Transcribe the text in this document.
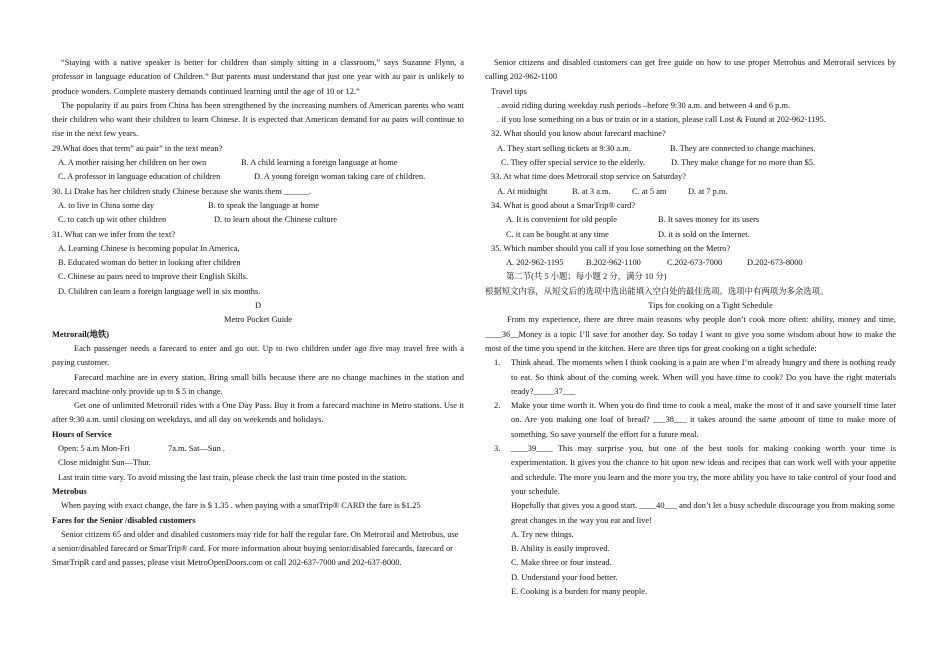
“Staying with a native speaker is better for children than simply sitting in a classroom,” says Suzanne Flynn, a professor in language education of Children.” But parents must understand that just one year with au pair is unlikely to produce wonders. Complete mastery demands continued learning until the age of 10 or 12.”

The popularity if au pairs from China has been strengthened by the increasing numbers of American parents who want their children who want their children to learn Chinese. It is expected that American demand for au pairs will continue to rise in the next few years.

29.What does that term” au pair” in the text mean?

A. A mother raising her children on her own	B. A child learning a foreign language at home
C. A professor in language education of children	D. A young foreign woman taking care of children.

30. Li Drake has her children study Chinese because she wants them ______.

A. to live in China some day	B. to speak the language at home
C. to catch up wit other children	D. to learn about the Chinese culture

31. What can we infer from the text?

A. Learning Chinese is becoming popular In America,

B. Educated woman do better in looking after children

C. Chinese au pairs need to improve their English Skills.

D. Children can learn a foreign language well in six months.

D

Metro Pocket Guide

Metrorail(地铁)

Each passenger needs a farecard to enter and go out. Up to two children under ago five may travel free with a paying customer.

Farecard machine are in every station, Bring small bills because there are no change machines in the station and farecard machine only provide up to $ 5 in change.

Get one of unlimited Metrorail rides with a One Day Pass. Buy it from a farecard machine in Metro stations. Use it after 9:30 a.m. until closing on weekdays, and all day on weekends and holidays.

Hours of Service

Open: 5 a.m Mon-Fri	7a.m. Sat—Sun .

Close midnight Sun—Thur.

Last train time vary. To avoid missing the last train, please check the last train time posted in the station.

Metrobus

When paying with exact change, the fare is $ 1.35 . when paying with a smatTrip® CARD the fare is $1.25

Fares for the Senior /disabled customers

Senior citizens 65 and older and disabled customers may ride for half the regular fare. On Metrorail and Metrobus, use a senior/disabled farecard or SmarTrip® card. For more information about buying senior/disabled farecards, farecard or SmarTripR card and passes, please visit MetroOpenDoors.com or call 202-637-7000 and 202-637-8000.

Senior citizens and disabled customers can get free guide on how to use proper Metrobus and Metrorail services by calling 202-962-1100

Travel tips

. avoid riding during weekday rush periods –before 9:30 a.m. and between 4 and 6 p.m.

. if you lose something on a bus or train or in a station, please call Lost & Found at 202-962-1195.

32. What should you know about farecard machine?

A. They start selling tickets at 9:30 a.m.	B. They are connected to change machines.
C. They offer special service to the elderly.	D. They make change for no more than $5.

33. At what time does Metrorail stop service on Saturday?

A. At midnight	B. at 3 a.m.	C. at 5 am	D. at 7 p.m.

34. What is good about a SmarTrip® card?

A. It is convenient for old people	B. It saves money for its users
C. it can be bought at any time	D. it is sold on the Internet.

35. Which number should you call if you lose something on the Metro?

A. 202-962-1195	B.202-962-1100	C.202-673-7000	D.202-673-8000

第二节(共 5 小题；每小题 2 分，满分 10 分)

根据短文内容，从短文后的选项中选出能填入空白处的最佳选项。选项中有两项为多余选项。

Tips for cooking on a Tight Schedule

From my experience, there are three main reasons why people don’t cook more often: ability, money and time, ____36__Money is a topic I’ll save for another day. So today I want to give you some wisdom about how to make the most of the time you spend in the kitchen. Here are three tips for great cooking on a tight schedule:

1. Think ahead. The moments when I think cooking is a pain are when I’m already hungry and there is nothing ready to eat. So think about of the coming week. When will you have time to cook? Do you have the right materials ready?_____37___
2. Make your time worth it. When you do find time to cook a meal, make the most of it and save yourself time later on. Are you making one loaf of bread? ___38___ it takes around the same amount of time to make more of something. So save yourself the effort for a future meal.
3. ____39____ This may surprise you, but one of the best tools for making cooking worth your time is experimentation. It gives you the chance to hit upon new ideas and recipes that can work well with your appetite and schedule. The more you learn and the more you try, the more ability you have to take control of your food and your schedule.

Hopefully that gives you a good start. ____40___ and don’t let a busy schedule discourage you from making some great changes in the way you eat and live!

A. Try new things.

B. Ability is easily improved.

C. Make three or four instead.

D. Understand your food better.

E. Cooking is a burden for many people.
